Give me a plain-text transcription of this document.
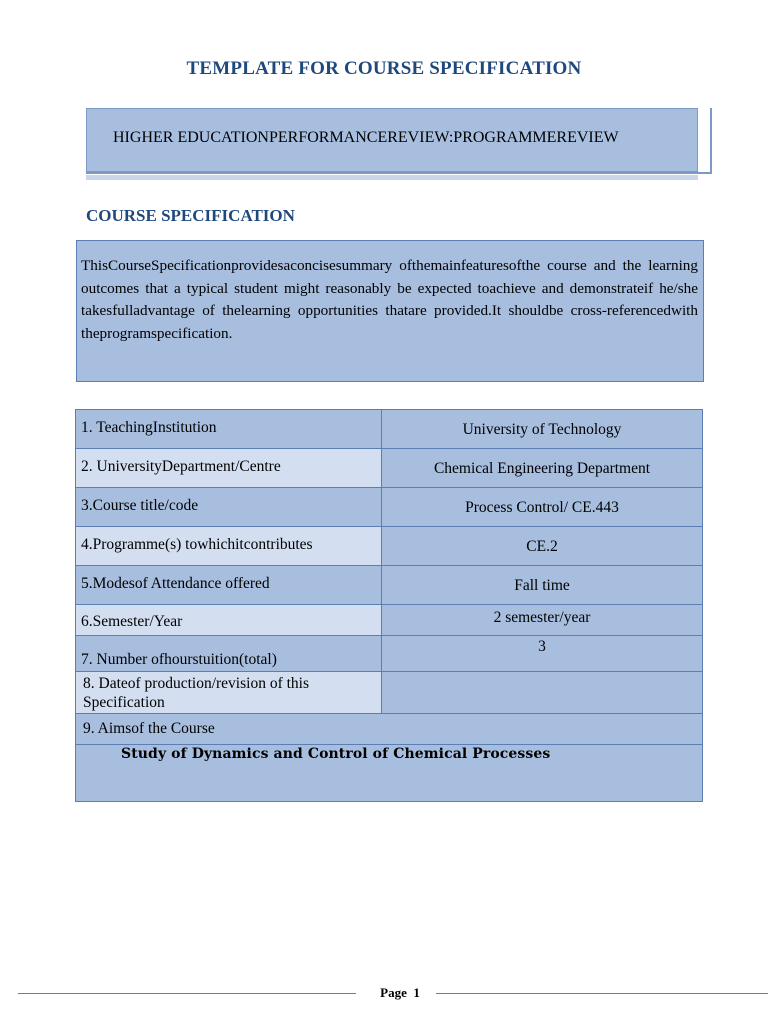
TEMPLATE FOR COURSE SPECIFICATION
HIGHER EDUCATIONPERFORMANCEREVIEW:PROGRAMMEREVIEW
COURSE SPECIFICATION

ThisCourseSpecificationprovidesaconcisesummary ofthemainfeaturesofthe course and the learning outcomes that a typical student might reasonably be expected toachieve and demonstrateif he/she takesfulladvantage of thelearning opportunities thatare provided.It shouldbe cross-referencedwith theprogramspecification.

1. TeachingInstitution	University of Technology
2. UniversityDepartment/Centre	Chemical Engineering Department
3.Course title/code	Process Control/ CE.443
4.Programme(s) towhichitcontributes	CE.2
5.Modesof Attendance offered	Fall time
6.Semester/Year	2 semester/year
7. Number ofhourstuition(total)	3
8. Dateof production/revision of this Specification	
9. Aimsof the Course	

Study of Dynamics and Control of Chemical Processes	
Page 1
